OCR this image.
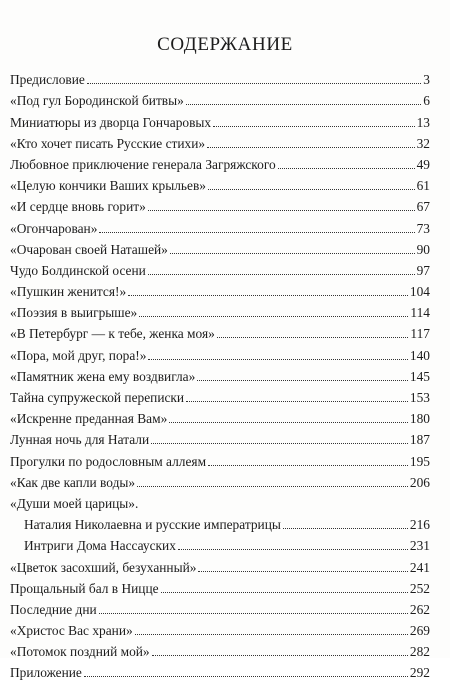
СОДЕРЖАНИЕ
Предисловие	3
«Под гул Бородинской битвы»	6
Миниатюры из дворца Гончаровых	13
«Кто хочет писать Русские стихи»	32
Любовное приключение генерала Загряжского	49
«Целую кончики Ваших крыльев»	61
«И сердце вновь горит»	67
«Огончарован»	73
«Очарован своей Наташей»	90
Чудо Болдинской осени	97
«Пушкин женится!»	104
«Поэзия в выигрыше»	114
«В Петербург — к тебе, женка моя»	117
«Пора, мой друг, пора!»	140
«Памятник жена ему воздвигла»	145
Тайна супружеской переписки	153
«Искренне преданная Вам»	180
Лунная ночь для Натали	187
Прогулки по родословным аллеям	195
«Как две капли воды»	206
«Души моей царицы».
Наталия Николаевна и русские императрицы	216
Интриги Дома Нассауских	231
«Цветок засохший, безуханный»	241
Прощальный бал в Ницце	252
Последние дни	262
«Христос Вас храни»	269
«Потомок поздний мой»	282
Приложение	292
